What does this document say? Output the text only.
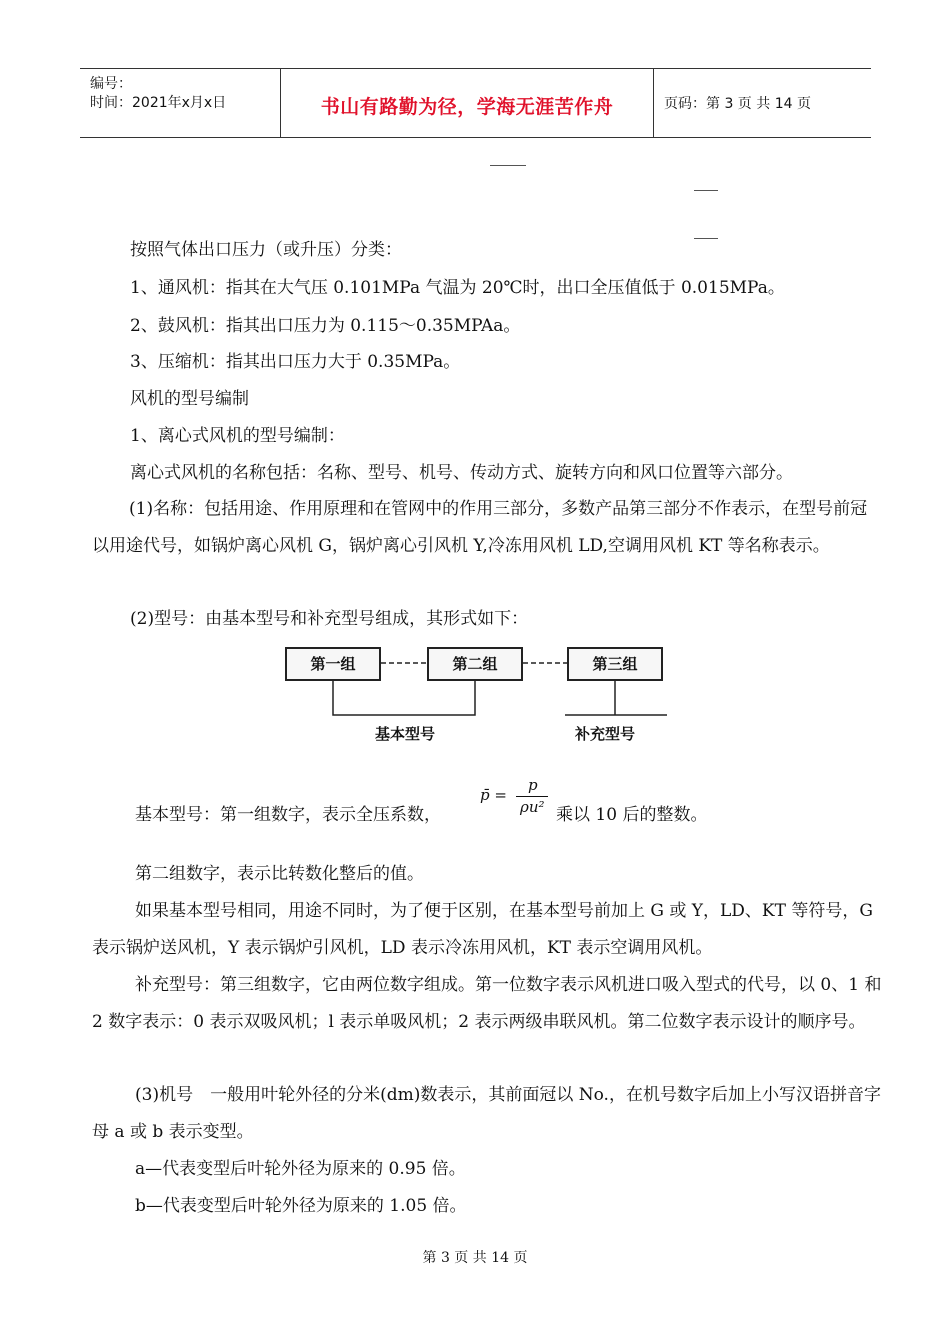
编号：
时间：2021年x月x日	书山有路勤为径，学海无涯苦作舟	页码：第 3 页 共 14 页
按照气体出口压力（或升压）分类：
1、通风机：指其在大气压 0.101MPa 气温为 20℃时，出口全压值低于 0.015MPa。
2、鼓风机：指其出口压力为 0.115～0.35MPAa。
3、压缩机：指其出口压力大于 0.35MPa。
风机的型号编制
1、离心式风机的型号编制：
离心式风机的名称包括：名称、型号、机号、传动方式、旋转方向和风口位置等六部分。
(1)名称：包括用途、作用原理和在管网中的作用三部分，多数产品第三部分不作表示，在型号前冠以用途代号，如锅炉离心风机 G，锅炉离心引风机 Y,冷冻用风机 LD,空调用风机 KT 等名称表示。
(2)型号：由基本型号和补充型号组成，其形式如下：
第一组	第二组	第三组
基本型号	补充型号
基本型号：第一组数字，表示全压系数，
p̄ =
p
ρu² 乘以 10 后的整数。
第二组数字，表示比转数化整后的值。
如果基本型号相同，用途不同时，为了便于区别，在基本型号前加上 G 或 Y，LD、KT 等符号，G 表示锅炉送风机，Y 表示锅炉引风机，LD 表示冷冻用风机，KT 表示空调用风机。
补充型号：第三组数字，它由两位数字组成。第一位数字表示风机进口吸入型式的代号，以 0、1 和 2 数字表示：0 表示双吸风机；l 表示单吸风机；2 表示两级串联风机。第二位数字表示设计的顺序号。
(3)机号　一般用叶轮外径的分米(dm)数表示，其前面冠以 No.，在机号数字后加上小写汉语拼音字母 a 或 b 表示变型。
a—代表变型后叶轮外径为原来的 0.95 倍。
b—代表变型后叶轮外径为原来的 1.05 倍。
第 3 页 共 14 页
